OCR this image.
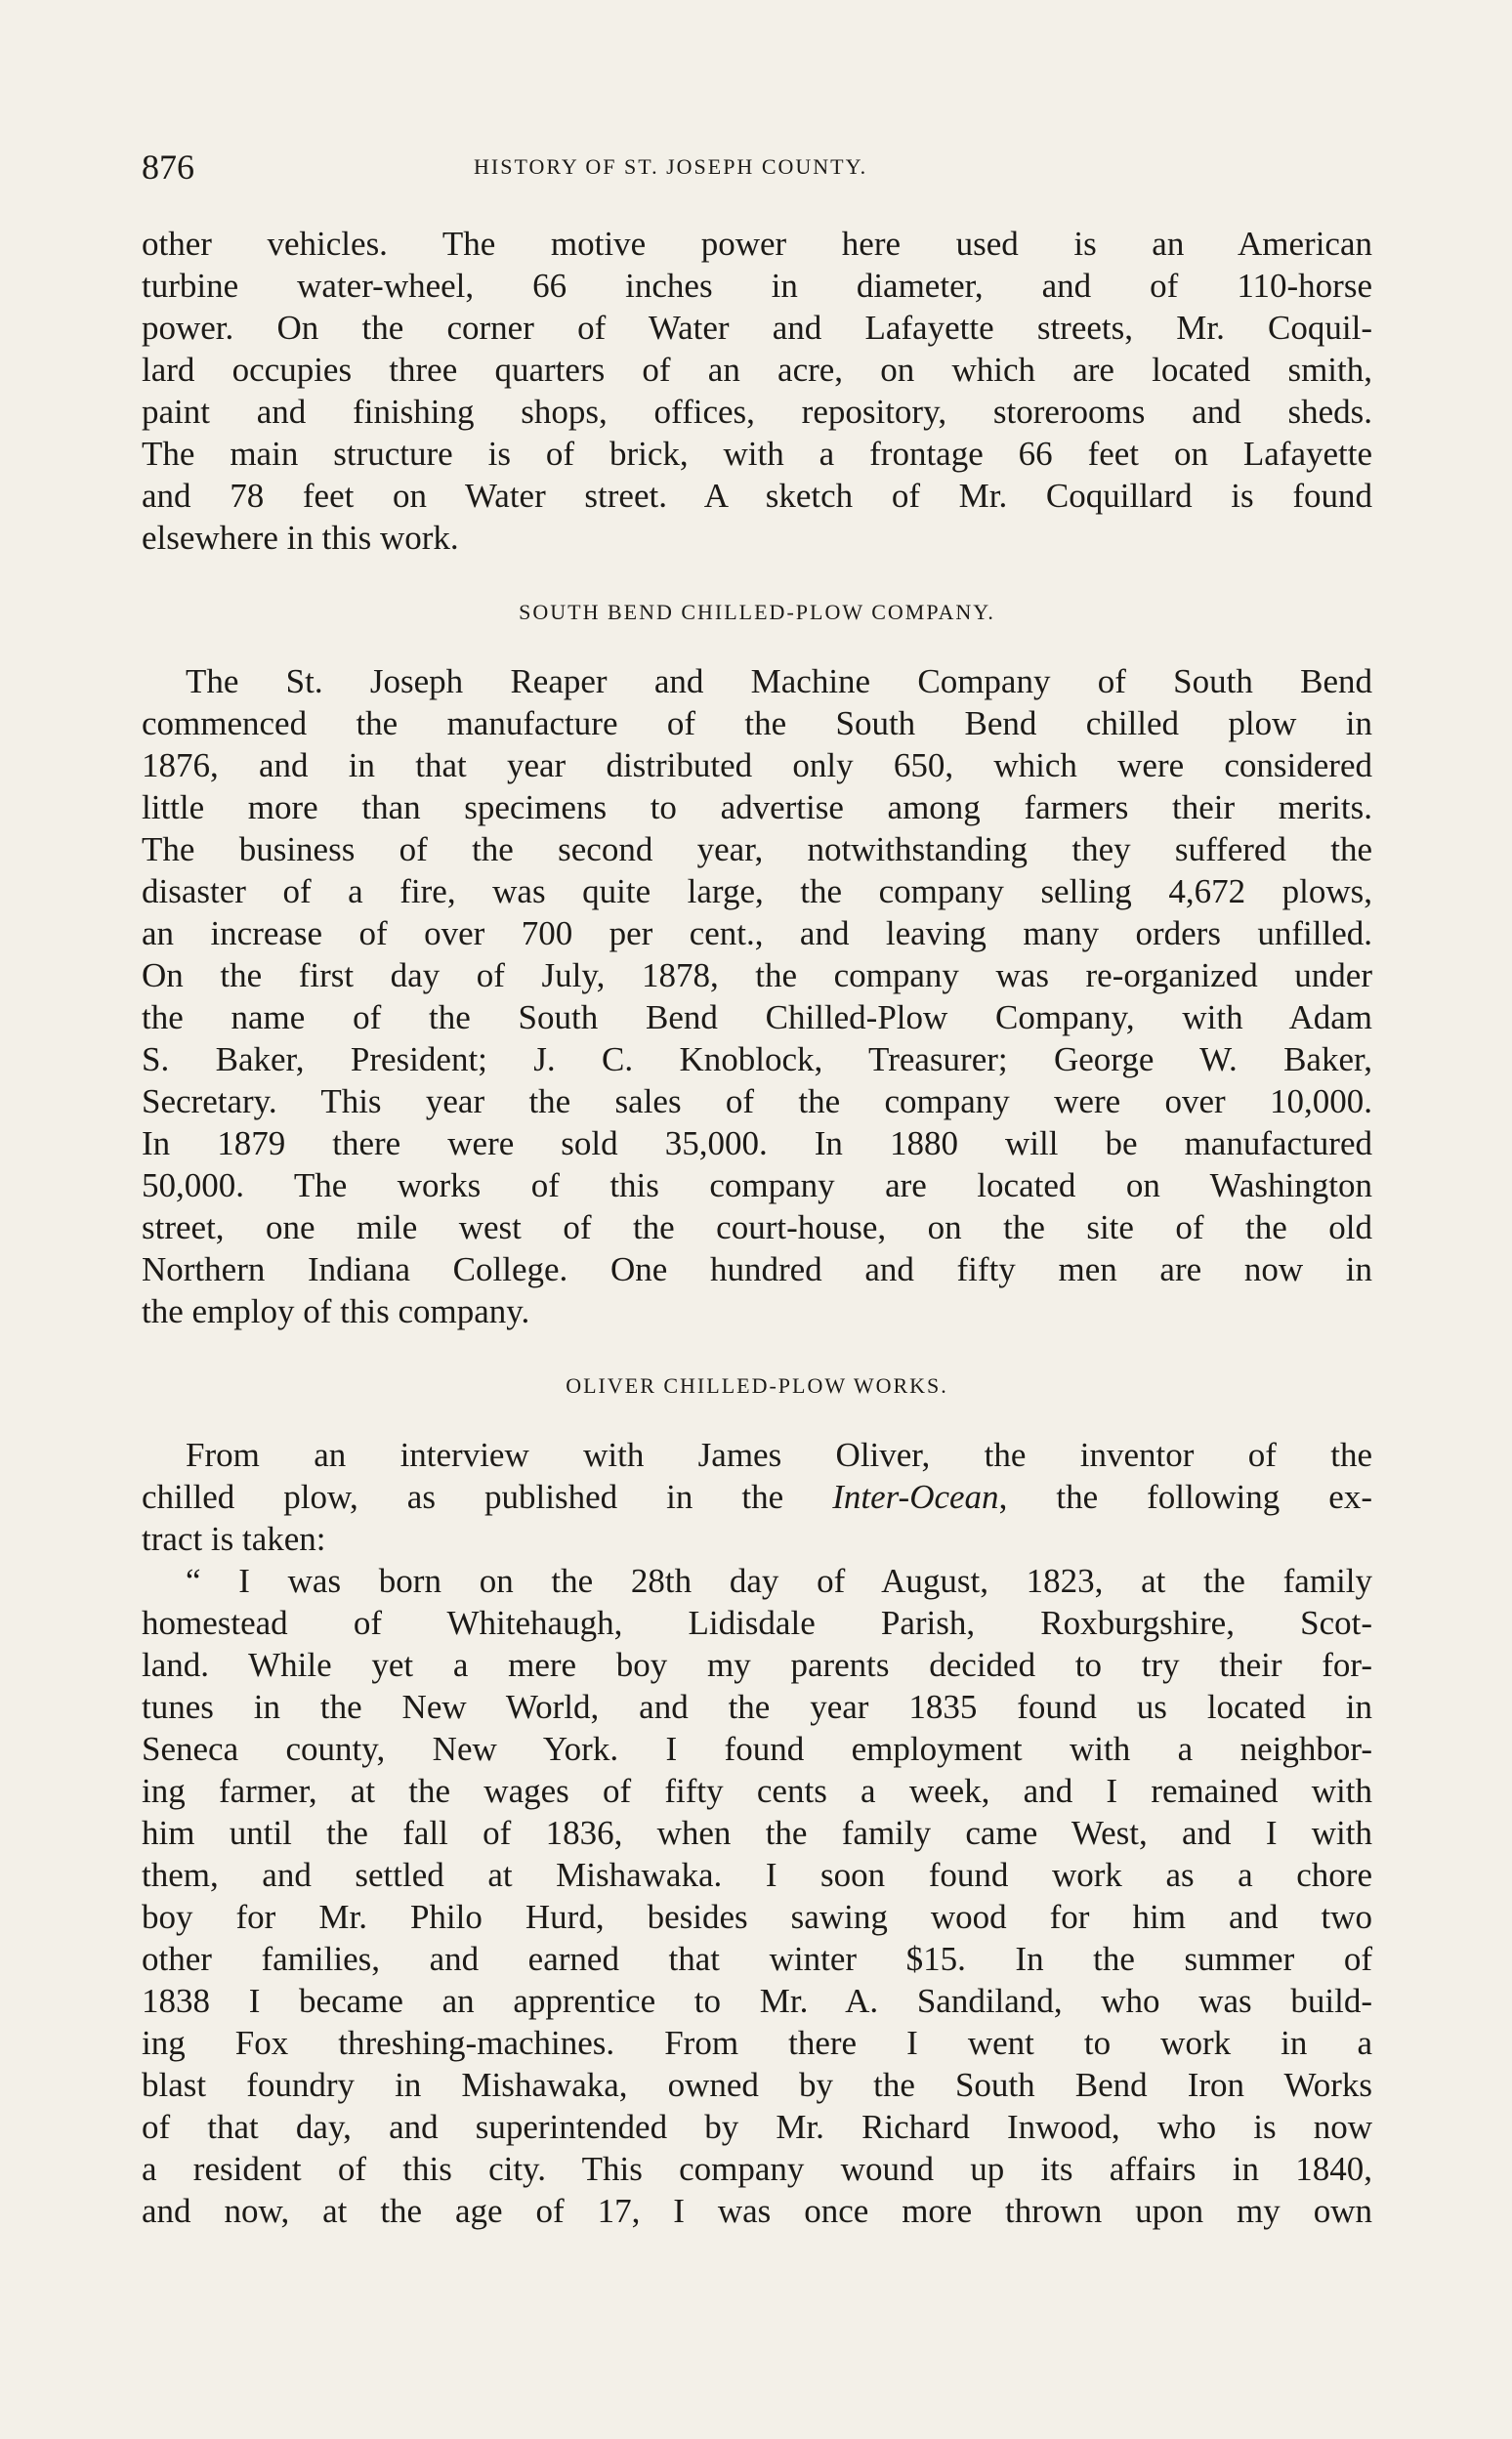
876	HISTORY OF ST. JOSEPH COUNTY.
other vehicles. The motive power here used is an American
turbine water-wheel, 66 inches in diameter, and of 110-horse
power. On the corner of Water and Lafayette streets, Mr. Coquil-
lard occupies three quarters of an acre, on which are located smith,
paint and finishing shops, offices, repository, storerooms and sheds.
The main structure is of brick, with a frontage 66 feet on Lafayette
and 78 feet on Water street. A sketch of Mr. Coquillard is found
elsewhere in this work.
SOUTH BEND CHILLED-PLOW COMPANY.
The St. Joseph Reaper and Machine Company of South Bend
commenced the manufacture of the South Bend chilled plow in
1876, and in that year distributed only 650, which were considered
little more than specimens to advertise among farmers their merits.
The business of the second year, notwithstanding they suffered the
disaster of a fire, was quite large, the company selling 4,672 plows,
an increase of over 700 per cent., and leaving many orders unfilled.
On the first day of July, 1878, the company was re-organized under
the name of the South Bend Chilled-Plow Company, with Adam
S. Baker, President; J. C. Knoblock, Treasurer; George W. Baker,
Secretary. This year the sales of the company were over 10,000.
In 1879 there were sold 35,000. In 1880 will be manufactured
50,000. The works of this company are located on Washington
street, one mile west of the court-house, on the site of the old
Northern Indiana College. One hundred and fifty men are now in
the employ of this company.
OLIVER CHILLED-PLOW WORKS.
From an interview with James Oliver, the inventor of the
chilled plow, as published in the Inter-Ocean, the following ex-
tract is taken:
“ I was born on the 28th day of August, 1823, at the family
homestead of Whitehaugh, Lidisdale Parish, Roxburgshire, Scot-
land. While yet a mere boy my parents decided to try their for-
tunes in the New World, and the year 1835 found us located in
Seneca county, New York. I found employment with a neighbor-
ing farmer, at the wages of fifty cents a week, and I remained with
him until the fall of 1836, when the family came West, and I with
them, and settled at Mishawaka. I soon found work as a chore
boy for Mr. Philo Hurd, besides sawing wood for him and two
other families, and earned that winter $15. In the summer of
1838 I became an apprentice to Mr. A. Sandiland, who was build-
ing Fox threshing-machines. From there I went to work in a
blast foundry in Mishawaka, owned by the South Bend Iron Works
of that day, and superintended by Mr. Richard Inwood, who is now
a resident of this city. This company wound up its affairs in 1840,
and now, at the age of 17, I was once more thrown upon my own
